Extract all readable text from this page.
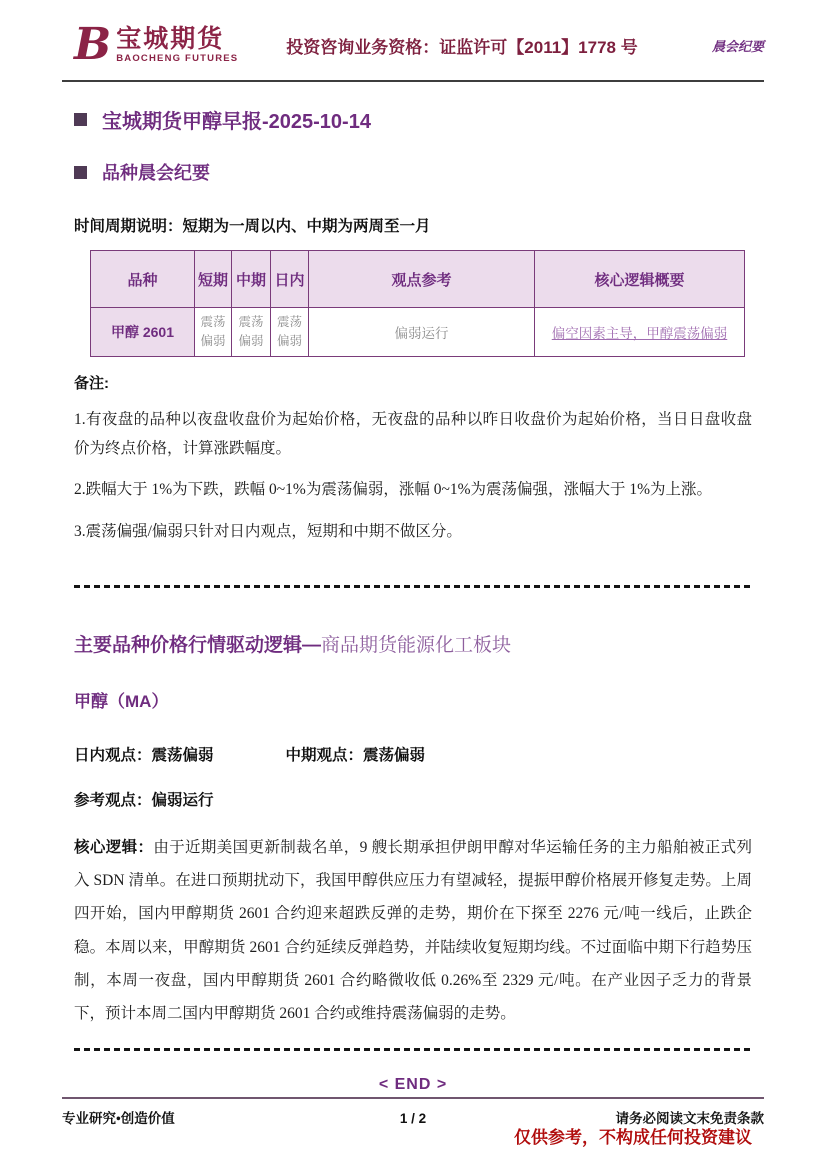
B 宝城期货
BAOCHENG FUTURES
投资咨询业务资格：证监许可【2011】1778 号	晨会纪要
宝城期货甲醇早报-2025-10-14
品种晨会纪要

时间周期说明：短期为一周以内、中期为两周至一月

品种	短期	中期	日内	观点参考	核心逻辑概要
甲醇 2601	震荡偏弱	震荡偏弱	震荡偏弱	偏弱运行	偏空因素主导，甲醇震荡偏弱

备注:

1.有夜盘的品种以夜盘收盘价为起始价格，无夜盘的品种以昨日收盘价为起始价格，当日日盘收盘价为终点价格，计算涨跌幅度。

2.跌幅大于 1%为下跌，跌幅 0~1%为震荡偏弱，涨幅 0~1%为震荡偏强，涨幅大于 1%为上涨。

3.震荡偏强/偏弱只针对日内观点，短期和中期不做区分。

主要品种价格行情驱动逻辑—商品期货能源化工板块
甲醇（MA）

日内观点：震荡偏弱	中期观点：震荡偏弱

参考观点：偏弱运行

核心逻辑：由于近期美国更新制裁名单，9 艘长期承担伊朗甲醇对华运输任务的主力船舶被正式列入 SDN 清单。在进口预期扰动下，我国甲醇供应压力有望减轻，提振甲醇价格展开修复走势。上周四开始，国内甲醇期货 2601 合约迎来超跌反弹的走势，期价在下探至 2276 元/吨一线后，止跌企稳。本周以来，甲醇期货 2601 合约延续反弹趋势，并陆续收复短期均线。不过面临中期下行趋势压制，本周一夜盘，国内甲醇期货 2601 合约略微收低 0.26%至 2329 元/吨。在产业因子乏力的背景下，预计本周二国内甲醇期货 2601 合约或维持震荡偏弱的走势。

< END >
仅供参考，不构成任何投资建议
专业研究•创造价值	1 / 2	请务必阅读文末免责条款
